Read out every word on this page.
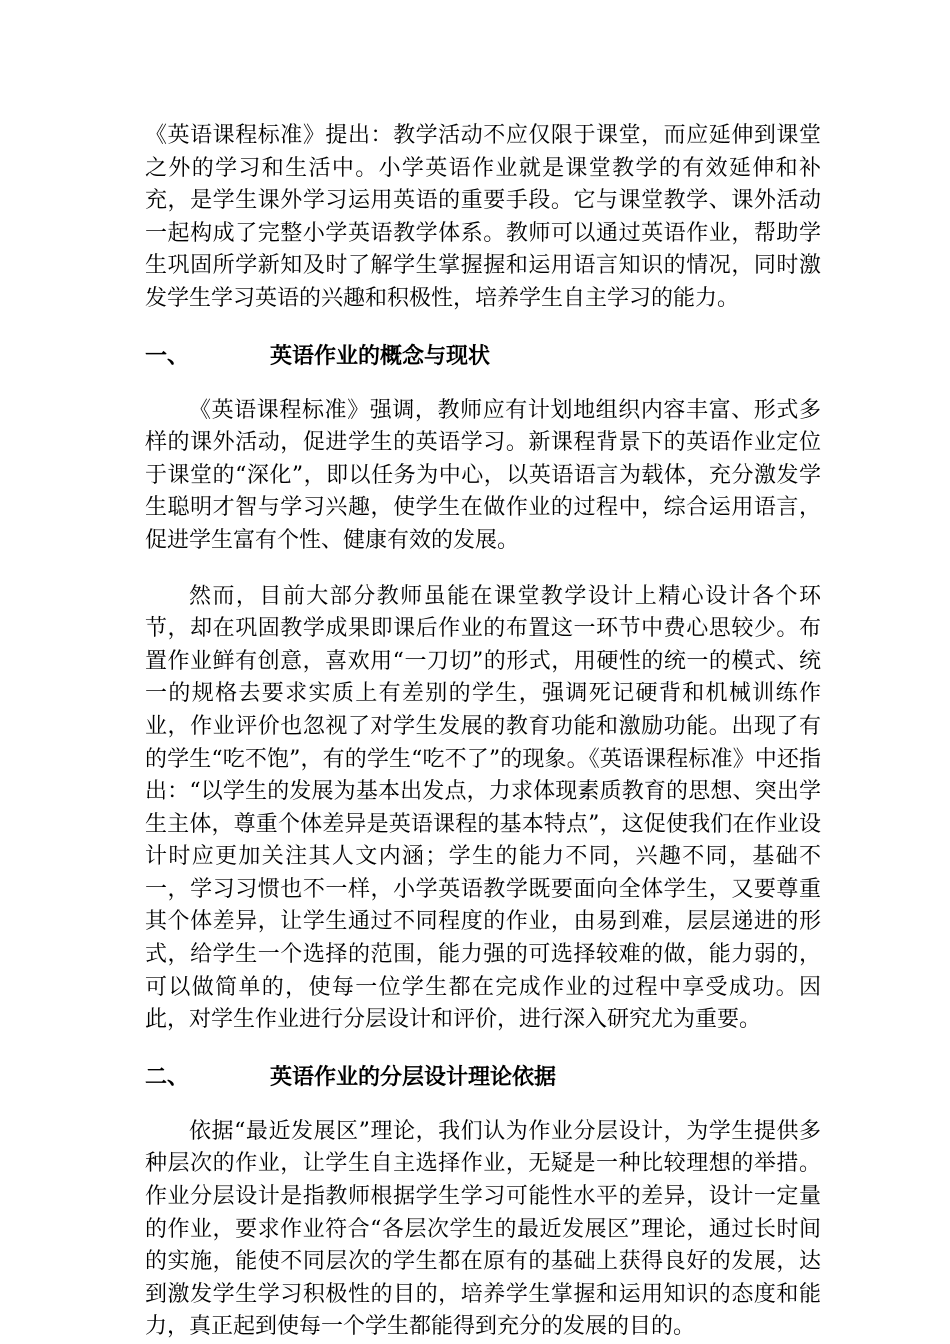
《英语课程标准》提出：教学活动不应仅限于课堂，而应延伸到课堂之外的学习和生活中。小学英语作业就是课堂教学的有效延伸和补充，是学生课外学习运用英语的重要手段。它与课堂教学、课外活动一起构成了完整小学英语教学体系。教师可以通过英语作业，帮助学生巩固所学新知及时了解学生掌握握和运用语言知识的情况，同时激发学生学习英语的兴趣和积极性，培养学生自主学习的能力。

一、	英语作业的概念与现状

《英语课程标准》强调，教师应有计划地组织内容丰富、形式多样的课外活动，促进学生的英语学习。新课程背景下的英语作业定位于课堂的“深化”，即以任务为中心，以英语语言为载体，充分激发学生聪明才智与学习兴趣，使学生在做作业的过程中，综合运用语言，促进学生富有个性、健康有效的发展。

然而，目前大部分教师虽能在课堂教学设计上精心设计各个环节，却在巩固教学成果即课后作业的布置这一环节中费心思较少。布置作业鲜有创意，喜欢用“一刀切”的形式，用硬性的统一的模式、统一的规格去要求实质上有差别的学生，强调死记硬背和机械训练作业，作业评价也忽视了对学生发展的教育功能和激励功能。出现了有的学生“吃不饱”，有的学生“吃不了”的现象。《英语课程标准》中还指出：“以学生的发展为基本出发点，力求体现素质教育的思想、突出学生主体，尊重个体差异是英语课程的基本特点”，这促使我们在作业设计时应更加关注其人文内涵；学生的能力不同，兴趣不同，基础不一，学习习惯也不一样，小学英语教学既要面向全体学生，又要尊重其个体差异，让学生通过不同程度的作业，由易到难，层层递进的形式，给学生一个选择的范围，能力强的可选择较难的做，能力弱的，可以做简单的，使每一位学生都在完成作业的过程中享受成功。因此，对学生作业进行分层设计和评价，进行深入研究尤为重要。

二、	英语作业的分层设计理论依据

依据“最近发展区”理论，我们认为作业分层设计，为学生提供多种层次的作业，让学生自主选择作业，无疑是一种比较理想的举措。作业分层设计是指教师根据学生学习可能性水平的差异，设计一定量的作业，要求作业符合“各层次学生的最近发展区”理论，通过长时间的实施，能使不同层次的学生都在原有的基础上获得良好的发展，达到激发学生学习积极性的目的，培养学生掌握和运用知识的态度和能力，真正起到使每一个学生都能得到充分的发展的目的。
